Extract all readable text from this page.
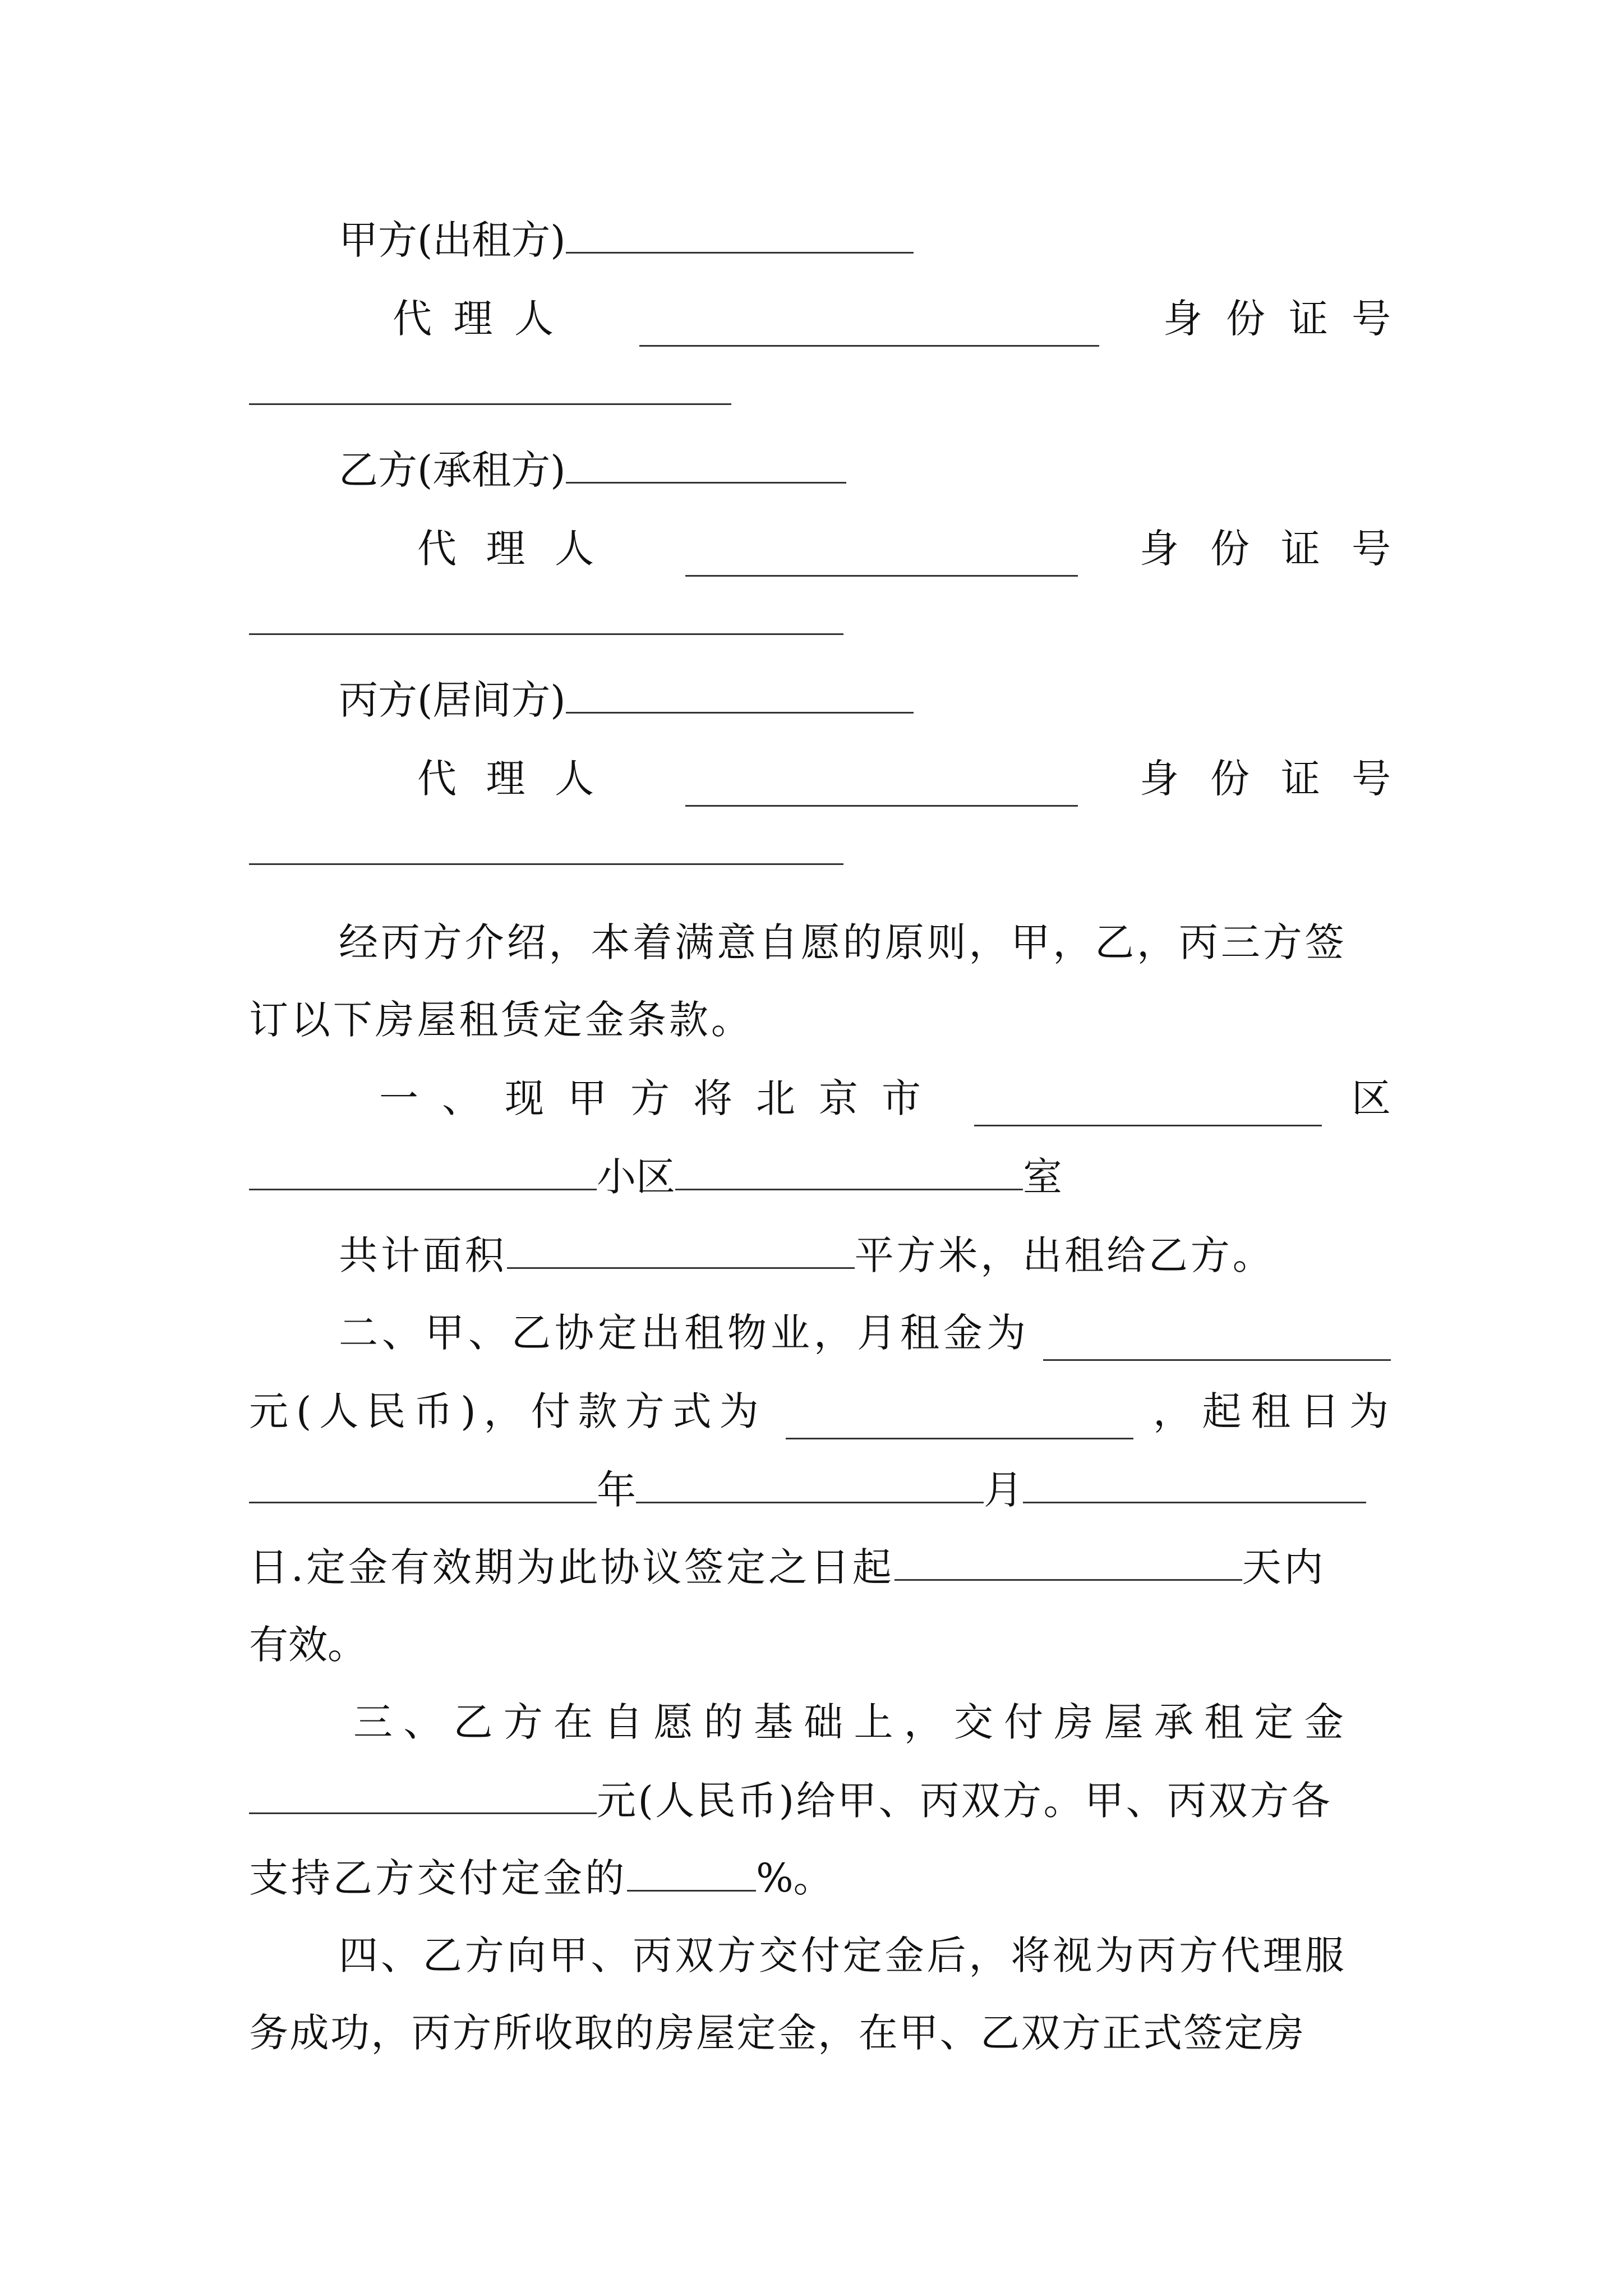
甲方(出租方)
代理人	身份证号
乙方(承租方)
代理人	身份证号
丙方(居间方)
代理人	身份证号
经丙方介绍，本着满意自愿的原则，甲，乙，丙三方签
订以下房屋租赁定金条款。
一、现甲方将北京市	区
小区	室
共计面积	平方米，出租给乙方。
二、甲、乙协定出租物业，月租金为
元(人民币)，付款方式为	，起租日为
年	月
日.定金有效期为此协议签定之日起	天内
有效。
三、乙方在自愿的基础上，交付房屋承租定金
元(人民币)给甲、丙双方。甲、丙双方各
支持乙方交付定金的	%。
四、乙方向甲、丙双方交付定金后，将视为丙方代理服
务成功，丙方所收取的房屋定金，在甲、乙双方正式签定房
